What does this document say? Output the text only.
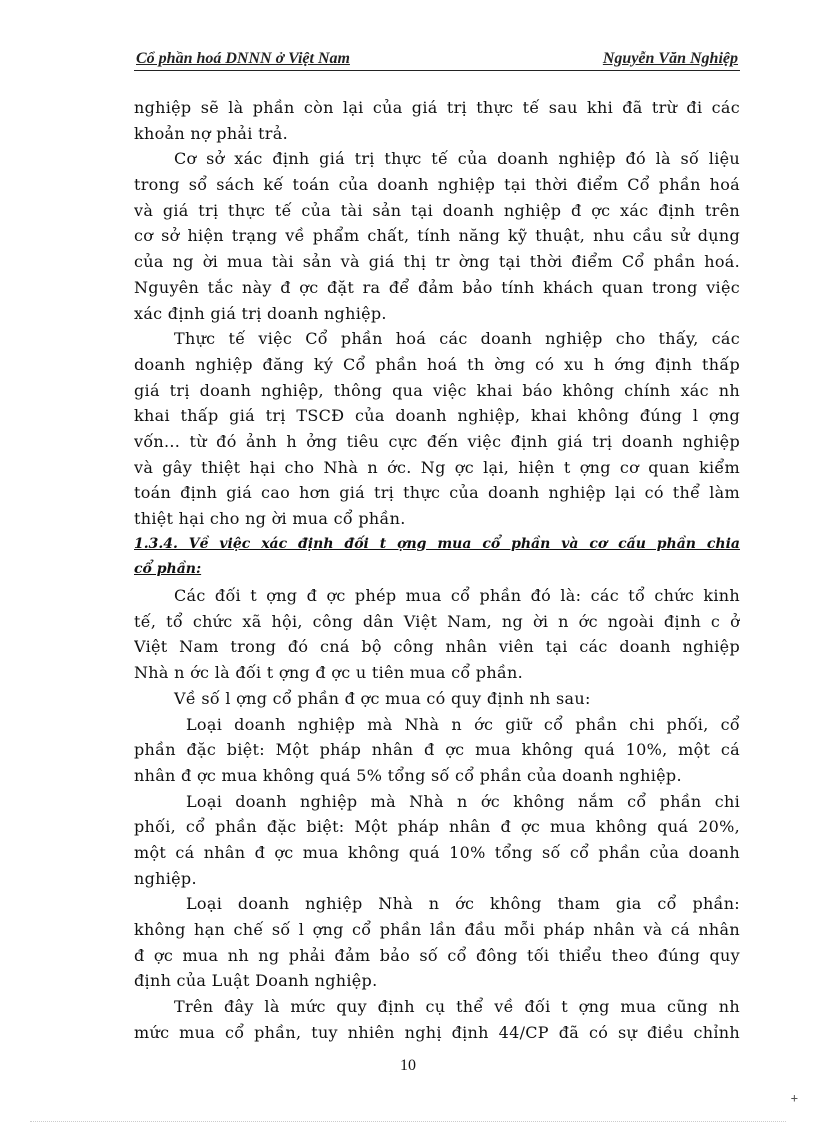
Cổ phần hoá DNNN ở Việt Nam	Nguyễn Văn Nghiệp
nghiệp sẽ là phần còn lại của giá trị thực tế sau khi đã trừ đi các
khoản nợ phải trả.
Cơ sở xác định giá trị thực tế của doanh nghiệp đó là số liệu
trong sổ sách kế toán của doanh nghiệp tại thời điểm Cổ phần hoá
và giá trị thực tế của tài sản tại doanh nghiệp đ ợc xác định trên
cơ sở hiện trạng về phẩm chất, tính năng kỹ thuật, nhu cầu sử dụng
của ng ời mua tài sản và giá thị tr ờng tại thời điểm Cổ phần hoá.
Nguyên tắc này đ ợc đặt ra để đảm bảo tính khách quan trong việc
xác định giá trị doanh nghiệp.
Thực tế việc Cổ phần hoá các doanh nghiệp cho thấy, các
doanh nghiệp đăng ký Cổ phần hoá th ờng có xu h ớng định thấp
giá trị doanh nghiệp, thông qua việc khai báo không chính xác nh
khai thấp giá trị TSCĐ của doanh nghiệp, khai không đúng l ợng
vốn... từ đó ảnh h ởng tiêu cực đến việc định giá trị doanh nghiệp
và gây thiệt hại cho Nhà n ớc. Ng ợc lại, hiện t ợng cơ quan kiểm
toán định giá cao hơn giá trị thực của doanh nghiệp lại có thể làm
thiệt hại cho ng ời mua cổ phần.
1.3.4. Về việc xác định đối t ợng mua cổ phần và cơ cấu phần chia
cổ phần:
Các đối t ợng đ ợc phép mua cổ phần đó là: các tổ chức kinh
tế, tổ chức xã hội, công dân Việt Nam, ng ời n ớc ngoài định c ở
Việt Nam trong đó cná bộ công nhân viên tại các doanh nghiệp
Nhà n ớc là đối t ợng đ ợc u tiên mua cổ phần.
Về số l ợng cổ phần đ ợc mua có quy định nh sau:
Loại doanh nghiệp mà Nhà n ớc giữ cổ phần chi phối, cổ
phần đặc biệt: Một pháp nhân đ ợc mua không quá 10%, một cá
nhân đ ợc mua không quá 5% tổng số cổ phần của doanh nghiệp.
Loại doanh nghiệp mà Nhà n ớc không nắm cổ phần chi
phối, cổ phần đặc biệt: Một pháp nhân đ ợc mua không quá 20%,
một cá nhân đ ợc mua không quá 10% tổng số cổ phần của doanh
nghiệp.
Loại doanh nghiệp Nhà n ớc không tham gia cổ phần:
không hạn chế số l ợng cổ phần lần đầu mỗi pháp nhân và cá nhân
đ ợc mua nh ng phải đảm bảo số cổ đông tối thiểu theo đúng quy
định của Luật Doanh nghiệp.
Trên đây là mức quy định cụ thể về đối t ợng mua cũng nh
mức mua cổ phần, tuy nhiên nghị định 44/CP đã có sự điều chỉnh
10
+
